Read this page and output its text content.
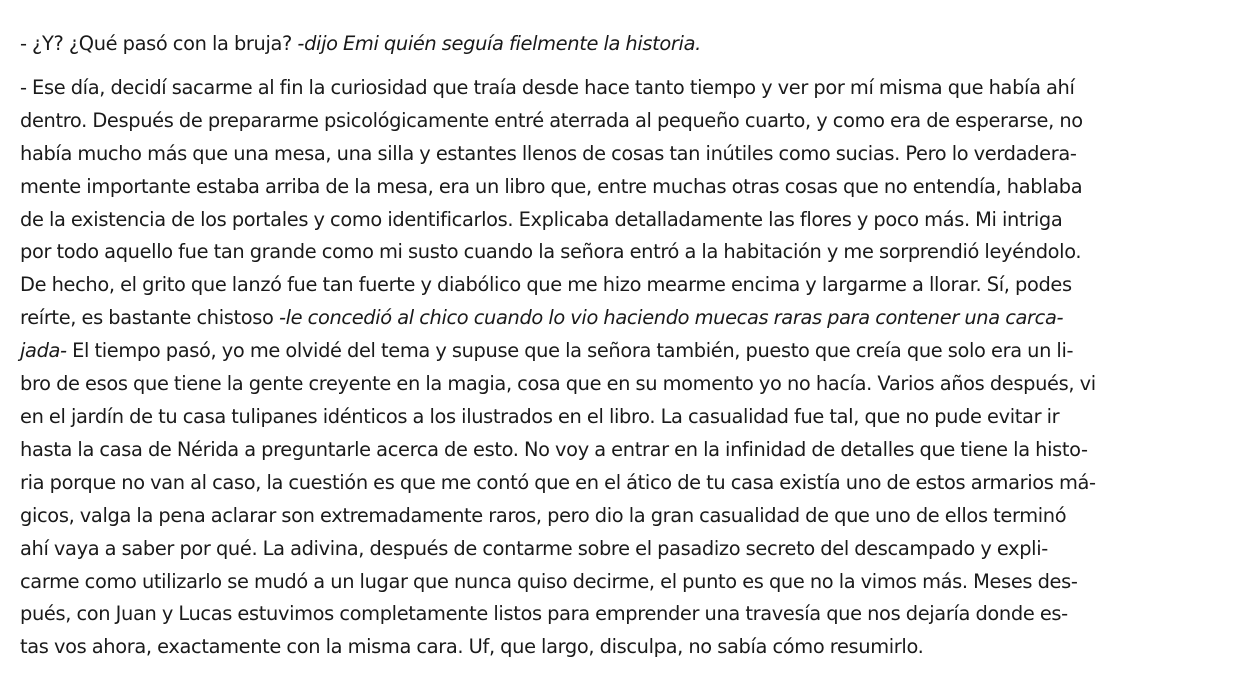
- ¿Y? ¿Qué pasó con la bruja? -dijo Emi quién seguía fielmente la historia.

- Ese día, decidí sacarme al fin la curiosidad que traía desde hace tanto tiempo y ver por mí misma que había ahí
dentro. Después de prepararme psicológicamente entré aterrada al pequeño cuarto, y como era de esperarse, no
había mucho más que una mesa, una silla y estantes llenos de cosas tan inútiles como sucias. Pero lo verdadera-
mente importante estaba arriba de la mesa, era un libro que, entre muchas otras cosas que no entendía, hablaba
de la existencia de los portales y como identificarlos. Explicaba detalladamente las flores y poco más. Mi intriga
por todo aquello fue tan grande como mi susto cuando la señora entró a la habitación y me sorprendió leyéndolo.
De hecho, el grito que lanzó fue tan fuerte y diabólico que me hizo mearme encima y largarme a llorar. Sí, podes
reírte, es bastante chistoso -le concedió al chico cuando lo vio haciendo muecas raras para contener una carca-
jada- El tiempo pasó, yo me olvidé del tema y supuse que la señora también, puesto que creía que solo era un li-
bro de esos que tiene la gente creyente en la magia, cosa que en su momento yo no hacía. Varios años después, vi
en el jardín de tu casa tulipanes idénticos a los ilustrados en el libro. La casualidad fue tal, que no pude evitar ir
hasta la casa de Nérida a preguntarle acerca de esto. No voy a entrar en la infinidad de detalles que tiene la histo-
ria porque no van al caso, la cuestión es que me contó que en el ático de tu casa existía uno de estos armarios má-
gicos, valga la pena aclarar son extremadamente raros, pero dio la gran casualidad de que uno de ellos terminó
ahí vaya a saber por qué. La adivina, después de contarme sobre el pasadizo secreto del descampado y expli-
carme como utilizarlo se mudó a un lugar que nunca quiso decirme, el punto es que no la vimos más. Meses des-
pués, con Juan y Lucas estuvimos completamente listos para emprender una travesía que nos dejaría donde es-
tas vos ahora, exactamente con la misma cara. Uf, que largo, disculpa, no sabía cómo resumirlo.
